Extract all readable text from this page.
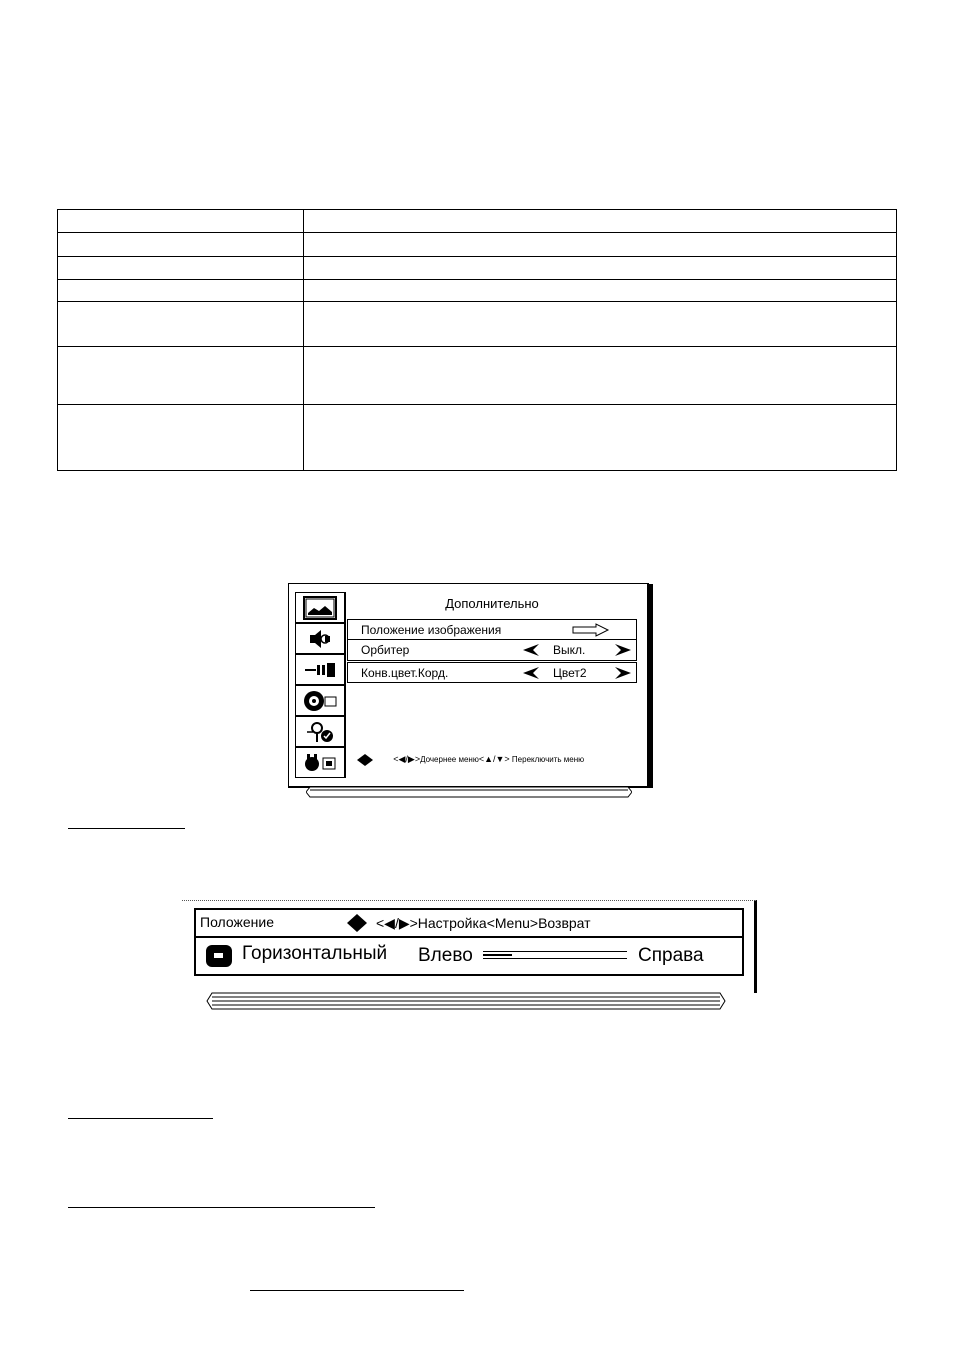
Дополнительно
Положение изображения
Орбитер	Выкл.
Конв.цвет.Корд.	Цвет2
<◀/▶>Дочернее меню<▲/▼> Переключить меню
Положение	<◀/▶>Настройка<Menu>Возврат
Горизонтальный Влево	Справа
